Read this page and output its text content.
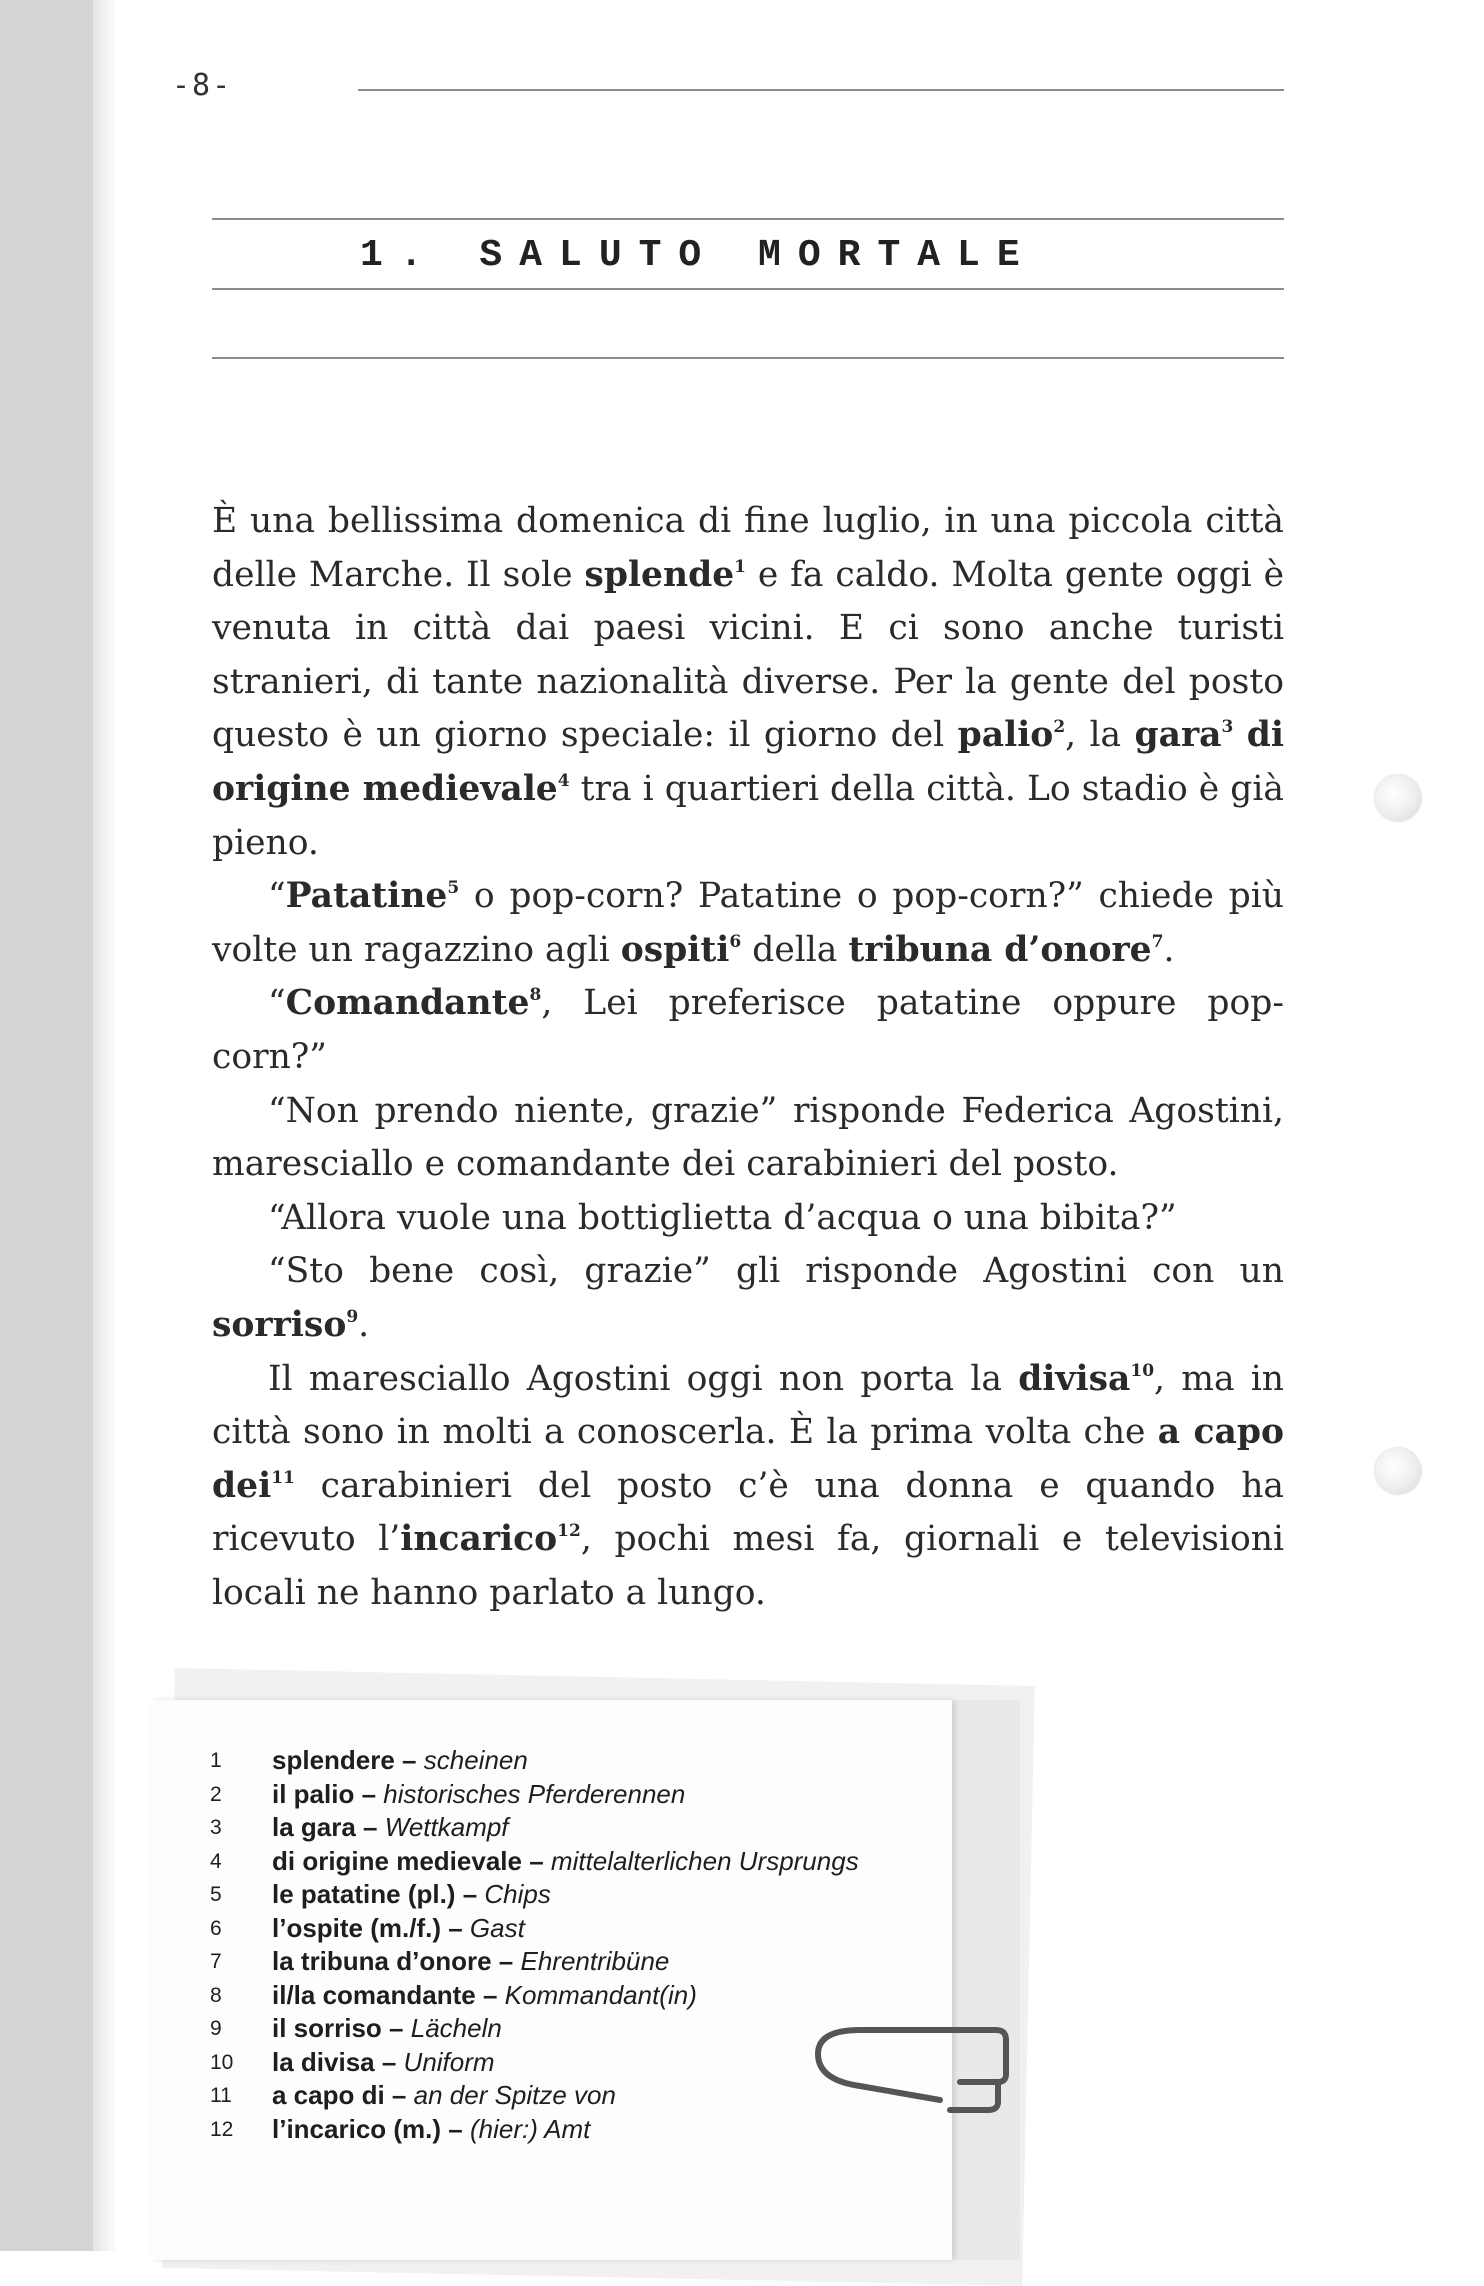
-8-
1. SALUTO MORTALE

È una bellissima domenica di fine luglio, in una piccola città delle Marche. Il sole splende$^1$ e fa caldo. Molta gente oggi è venuta in città dai paesi vicini. E ci sono anche turisti stranieri, di tante nazionalità diverse. Per la gente del posto questo è un giorno speciale: il giorno del palio$^2$, la gara$^3$ di origine medievale$^4$ tra i quartieri della città. Lo stadio è già pieno.

“Patatine$^5$ o pop-corn? Patatine o pop-corn?” chiede più volte un ragazzino agli ospiti$^6$ della tribuna d’onore$^7$.

“Comandante$^8$, Lei preferisce patatine oppure pop-corn?”

“Non prendo niente, grazie” risponde Federica Agostini, maresciallo e comandante dei carabinieri del posto.

“Allora vuole una bottiglietta d’acqua o una bibita?”

“Sto bene così, grazie” gli risponde Agostini con un sorriso$^9$.

Il maresciallo Agostini oggi non porta la divisa$^{10}$, ma in città sono in molti a conoscerla. È la prima volta che a capo dei$^{11}$ carabinieri del posto c’è una donna e quando ha ricevuto l’incarico$^{12}$, pochi mesi fa, giornali e televisioni locali ne hanno parlato a lungo.

1	splendere – scheinen
2	il palio – historisches Pferderennen
3	la gara – Wettkampf
4	di origine medievale – mittelalterlichen Ursprungs
5	le patatine (pl.) – Chips
6	l’ospite (m./f.) – Gast
7	la tribuna d’onore – Ehrentribüne
8	il/la comandante – Kommandant(in)
9	il sorriso – Lächeln
10	la divisa – Uniform
11	a capo di – an der Spitze von
12	l’incarico (m.) – (hier:) Amt
